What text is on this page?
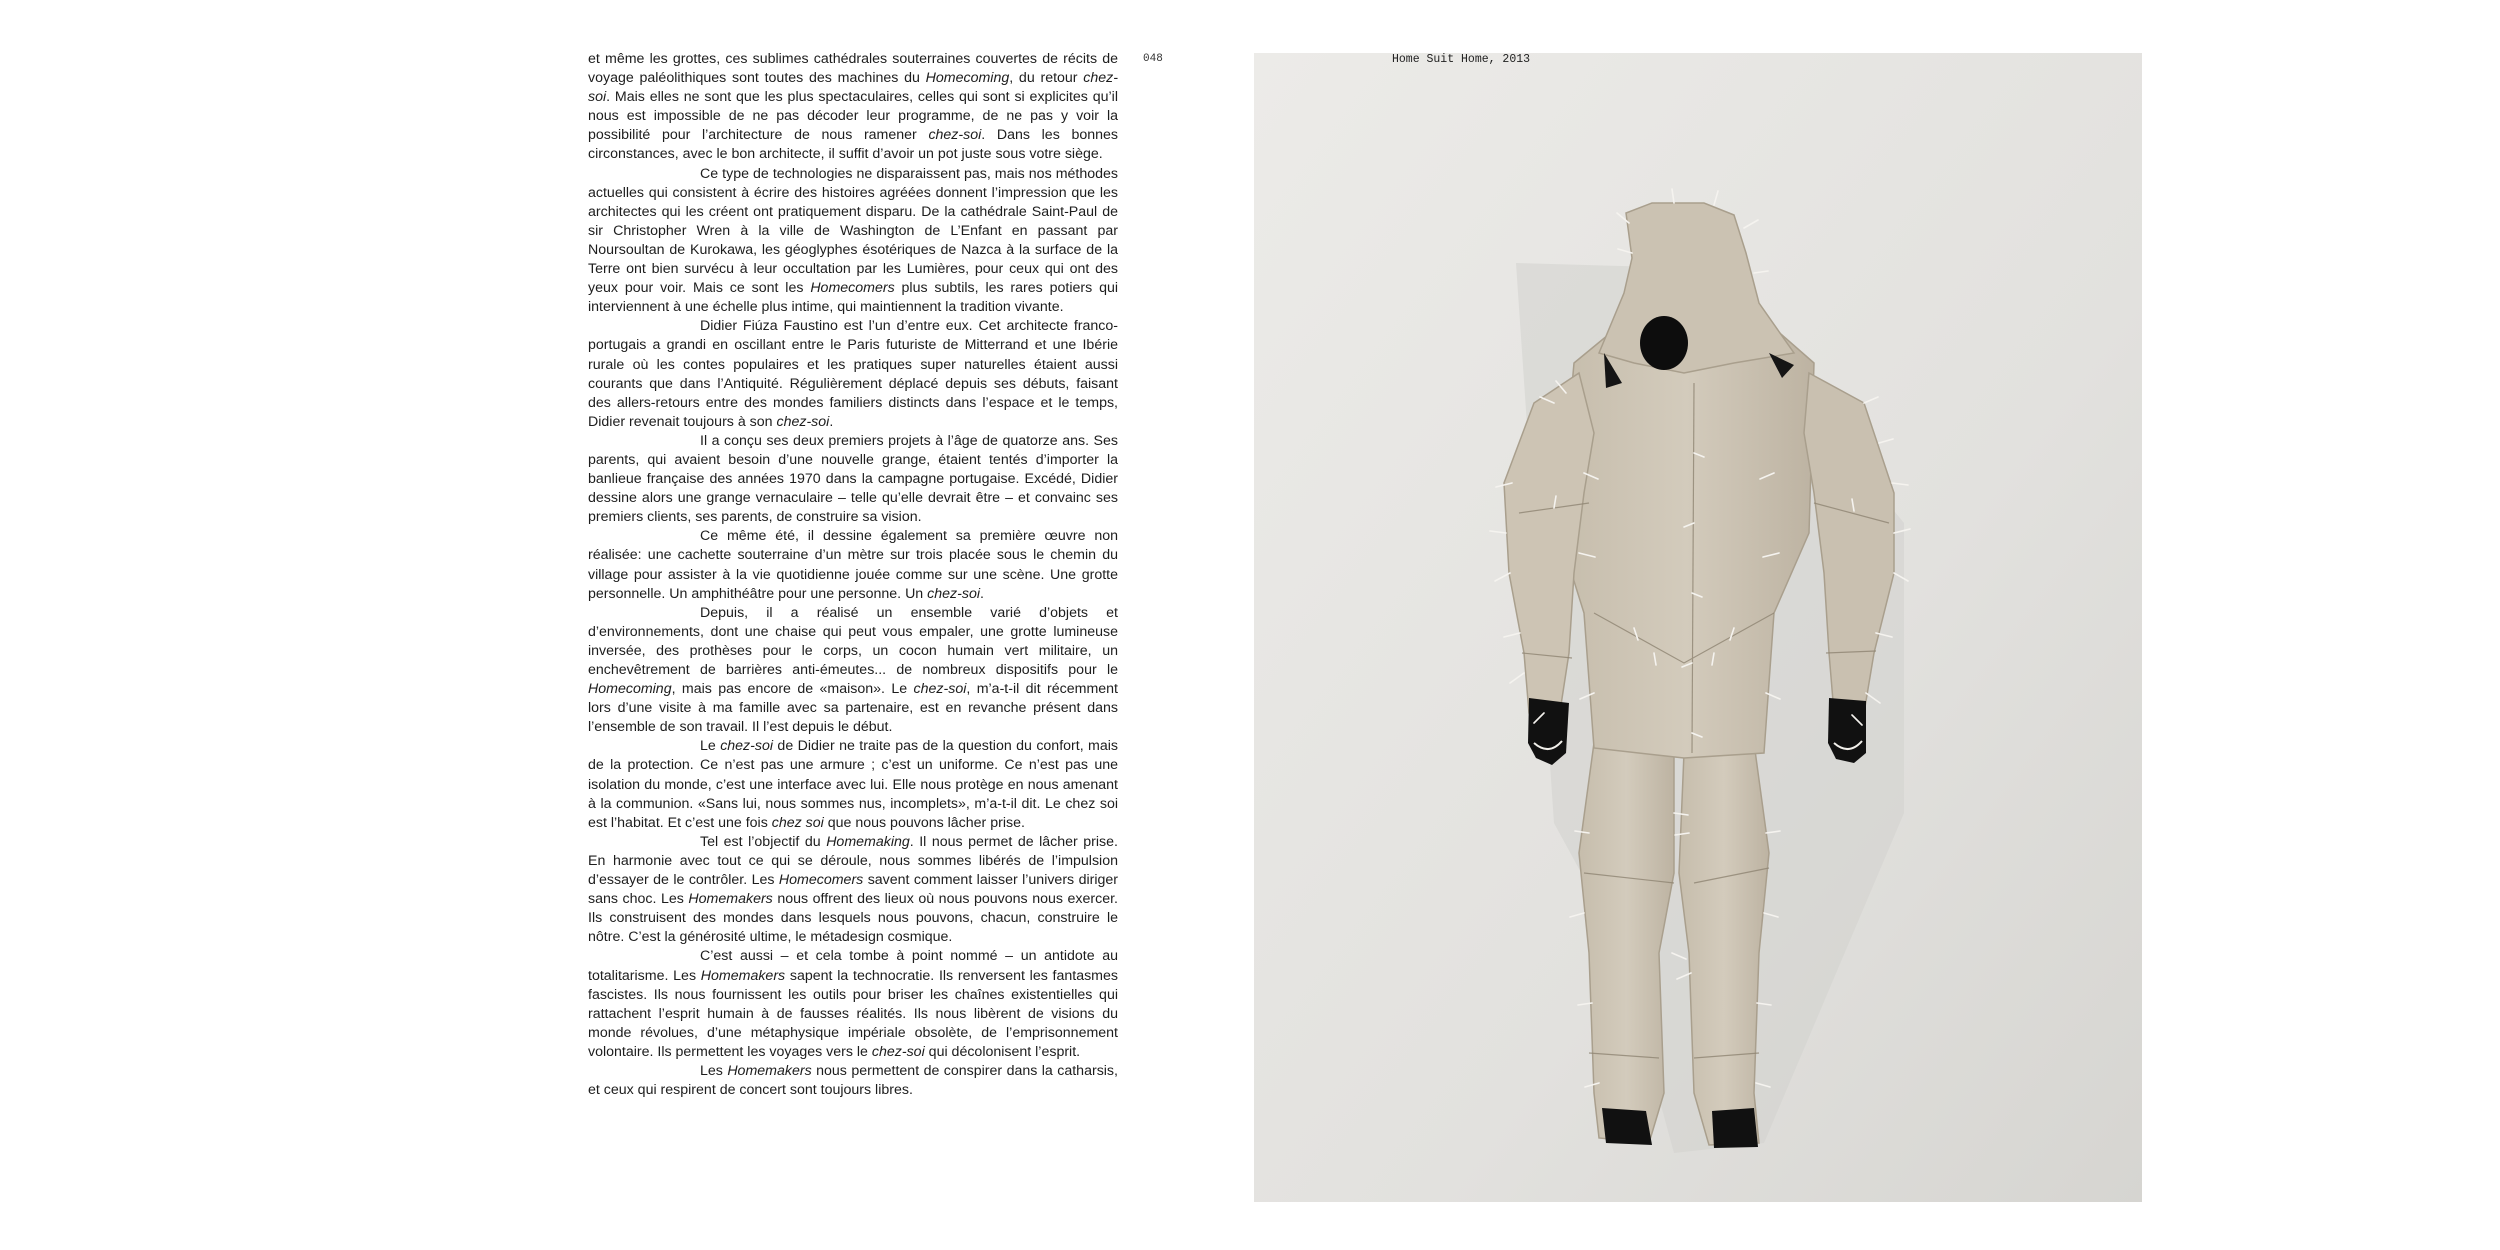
et même les grottes, ces sublimes cathédrales souterraines couvertes de récits de voyage paléolithiques sont toutes des machines du Homecoming, du retour chez-soi. Mais elles ne sont que les plus spectaculaires, celles qui sont si explicites qu’il nous est impossible de ne pas décoder leur programme, de ne pas y voir la possibilité pour l’architecture de nous ramener chez-soi. Dans les bonnes circonstances, avec le bon architecte, il suffit d’avoir un pot juste sous votre siège.

Ce type de technologies ne disparaissent pas, mais nos méthodes actuelles qui consistent à écrire des histoires agréées donnent l’impression que les architectes qui les créent ont pratiquement disparu. De la cathédrale Saint-Paul de sir Christopher Wren à la ville de Washington de L’Enfant en passant par Noursoultan de Kurokawa, les géoglyphes ésotériques de Nazca à la surface de la Terre ont bien survécu à leur occultation par les Lumières, pour ceux qui ont des yeux pour voir. Mais ce sont les Homecomers plus subtils, les rares potiers qui interviennent à une échelle plus intime, qui maintiennent la tradition vivante.

Didier Fiúza Faustino est l’un d’entre eux. Cet architecte franco-portugais a grandi en oscillant entre le Paris futuriste de Mitterrand et une Ibérie rurale où les contes populaires et les pratiques super naturelles étaient aussi courants que dans l’Antiquité. Régulièrement déplacé depuis ses débuts, faisant des allers-retours entre des mondes familiers distincts dans l’espace et le temps, Didier revenait toujours à son chez-soi.

Il a conçu ses deux premiers projets à l’âge de quatorze ans. Ses parents, qui avaient besoin d’une nouvelle grange, étaient tentés d’importer la banlieue française des années 1970 dans la campagne portugaise. Excédé, Didier dessine alors une grange vernaculaire – telle qu’elle devrait être – et convainc ses premiers clients, ses parents, de construire sa vision.

Ce même été, il dessine également sa première œuvre non réalisée: une cachette souterraine d’un mètre sur trois placée sous le chemin du village pour assister à la vie quotidienne jouée comme sur une scène. Une grotte personnelle. Un amphithéâtre pour une personne. Un chez-soi.

Depuis, il a réalisé un ensemble varié d’objets et d’environnements, dont une chaise qui peut vous empaler, une grotte lumineuse inversée, des prothèses pour le corps, un cocon humain vert militaire, un enchevêtrement de barrières anti-émeutes... de nombreux dispositifs pour le Homecoming, mais pas encore de «maison». Le chez-soi, m’a-t-il dit récemment lors d’une visite à ma famille avec sa partenaire, est en revanche présent dans l’ensemble de son travail. Il l’est depuis le début.

Le chez-soi de Didier ne traite pas de la question du confort, mais de la protection. Ce n’est pas une armure ; c’est un uniforme. Ce n’est pas une isolation du monde, c’est une interface avec lui. Elle nous protège en nous amenant à la communion. «Sans lui, nous sommes nus, incomplets», m’a-t-il dit. Le chez soi est l’habitat. Et c’est une fois chez soi que nous pouvons lâcher prise.

Tel est l’objectif du Homemaking. Il nous permet de lâcher prise. En harmonie avec tout ce qui se déroule, nous sommes libérés de l’impulsion d’essayer de le contrôler. Les Homecomers savent comment laisser l’univers diriger sans choc. Les Homemakers nous offrent des lieux où nous pouvons nous exercer. Ils construisent des mondes dans lesquels nous pouvons, chacun, construire le nôtre. C’est la générosité ultime, le métadesign cosmique.

C’est aussi – et cela tombe à point nommé – un antidote au totalitarisme. Les Homemakers sapent la technocratie. Ils renversent les fantasmes fascistes. Ils nous fournissent les outils pour briser les chaînes existentielles qui rattachent l’esprit humain à de fausses réalités. Ils nous libèrent de visions du monde révolues, d’une métaphysique impériale obsolète, de l’emprisonnement volontaire. Ils permettent les voyages vers le chez-soi qui décolonisent l’esprit.

Les Homemakers nous permettent de conspirer dans la catharsis, et ceux qui respirent de concert sont toujours libres.

048	Home Suit Home, 2013
